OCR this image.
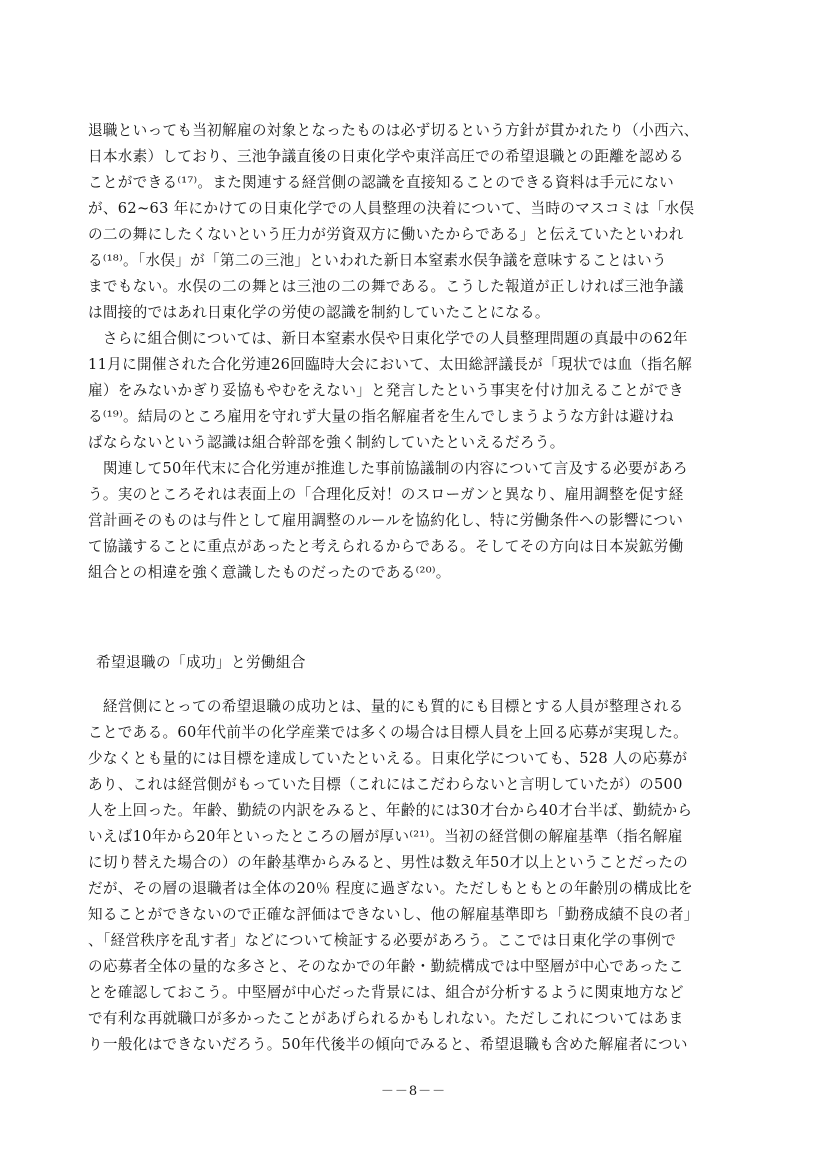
退職といっても当初解雇の対象となったものは必ず切るという方針が貫かれたり（小西六、
日本水素）しており、三池争議直後の日東化学や東洋高圧での希望退職との距離を認める
ことができる⁽¹⁷⁾。また関連する経営側の認識を直接知ることのできる資料は手元にない
が、62~63 年にかけての日東化学での人員整理の決着について、当時のマスコミは「水俣
の二の舞にしたくないという圧力が労資双方に働いたからである」と伝えていたといわれ
る⁽¹⁸⁾。「水俣」が「第二の三池」といわれた新日本窒素水俣争議を意味することはいう
までもない。水俣の二の舞とは三池の二の舞である。こうした報道が正しければ三池争議
は間接的ではあれ日東化学の労使の認識を制約していたことになる。
　さらに組合側については、新日本窒素水俣や日東化学での人員整理問題の真最中の62年
11月に開催された合化労連26回臨時大会において、太田総評議長が「現状では血（指名解
雇）をみないかぎり妥協もやむをえない」と発言したという事実を付け加えることができ
る⁽¹⁹⁾。結局のところ雇用を守れず大量の指名解雇者を生んでしまうような方針は避けね
ばならないという認識は組合幹部を強く制約していたといえるだろう。
　関連して50年代末に合化労連が推進した事前協議制の内容について言及する必要があろ
う。実のところそれは表面上の「合理化反対！のスローガンと異なり、雇用調整を促す経
営計画そのものは与件として雇用調整のルールを協約化し、特に労働条件への影響につい
て協議することに重点があったと考えられるからである。そしてその方向は日本炭鉱労働
組合との相違を強く意識したものだったのである⁽²⁰⁾。

希望退職の「成功」と労働組合

　経営側にとっての希望退職の成功とは、量的にも質的にも目標とする人員が整理される
ことである。60年代前半の化学産業では多くの場合は目標人員を上回る応募が実現した。
少なくとも量的には目標を達成していたといえる。日東化学についても、528 人の応募が
あり、これは経営側がもっていた目標（これにはこだわらないと言明していたが）の500
人を上回った。年齢、勤続の内訳をみると、年齢的には30才台から40才台半ば、勤続から
いえば10年から20年といったところの層が厚い⁽²¹⁾。当初の経営側の解雇基準（指名解雇
に切り替えた場合の）の年齢基準からみると、男性は数え年50才以上ということだったの
だが、その層の退職者は全体の20％ 程度に過ぎない。ただしもともとの年齢別の構成比を
知ることができないので正確な評価はできないし、他の解雇基準即ち「勤務成績不良の者」
、「経営秩序を乱す者」などについて検証する必要があろう。ここでは日東化学の事例で
の応募者全体の量的な多さと、そのなかでの年齢・勤続構成では中堅層が中心であったこ
とを確認しておこう。中堅層が中心だった背景には、組合が分析するように関東地方など
で有利な再就職口が多かったことがあげられるかもしれない。ただしこれについてはあま
り一般化はできないだろう。50年代後半の傾向でみると、希望退職も含めた解雇者につい

－－8－－
